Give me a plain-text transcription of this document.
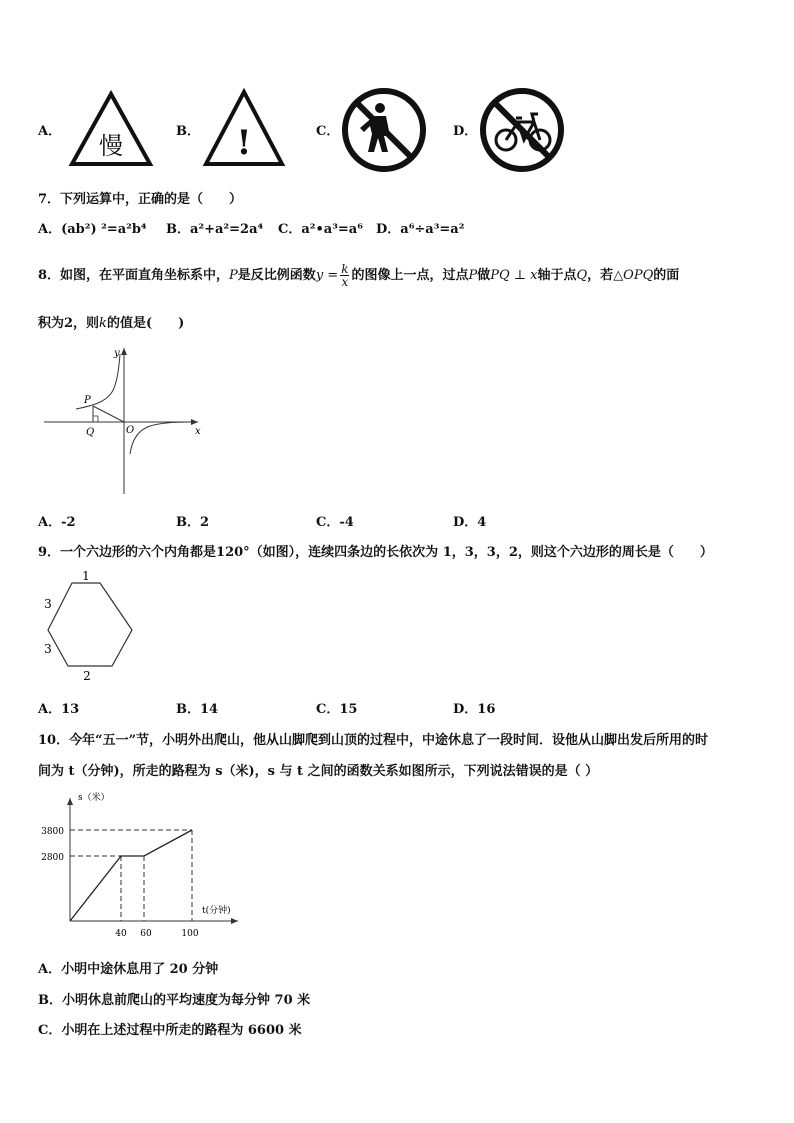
A．
慢
B． !	C．	D．
7．下列运算中，正确的是（　　）
A．(ab²) ²=a²b⁴ B．a²+a²=2a⁴ C．a²•a³=a⁶ D．a⁶÷a³=a²
8．如图，在平面直角坐标系中，P是反比例函数$y = \frac{k}{x}$ 的图像上一点，过点P做PQ ⊥ x轴于点Q，若△OPQ的面
积为2，则k的值是(　　)
y
x
P
Q	O
A．-2	B．2	C．-4	D．4
9．一个六边形的六个内角都是120°（如图），连续四条边的长依次为 1，3，3，2，则这个六边形的周长是（　　）
1
3
3
2
A．13	B．14	C．15	D．16
10．今年“五一”节，小明外出爬山，他从山脚爬到山顶的过程中，中途休息了一段时间．设他从山脚出发后所用的时
间为 t（分钟)，所走的路程为 s（米)，s 与 t 之间的函数关系如图所示，下列说法错误的是（ ）
s（米）
t(分钟)
3800
2800
40 60	100
A．小明中途休息用了 20 分钟
B．小明休息前爬山的平均速度为每分钟 70 米
C．小明在上述过程中所走的路程为 6600 米
